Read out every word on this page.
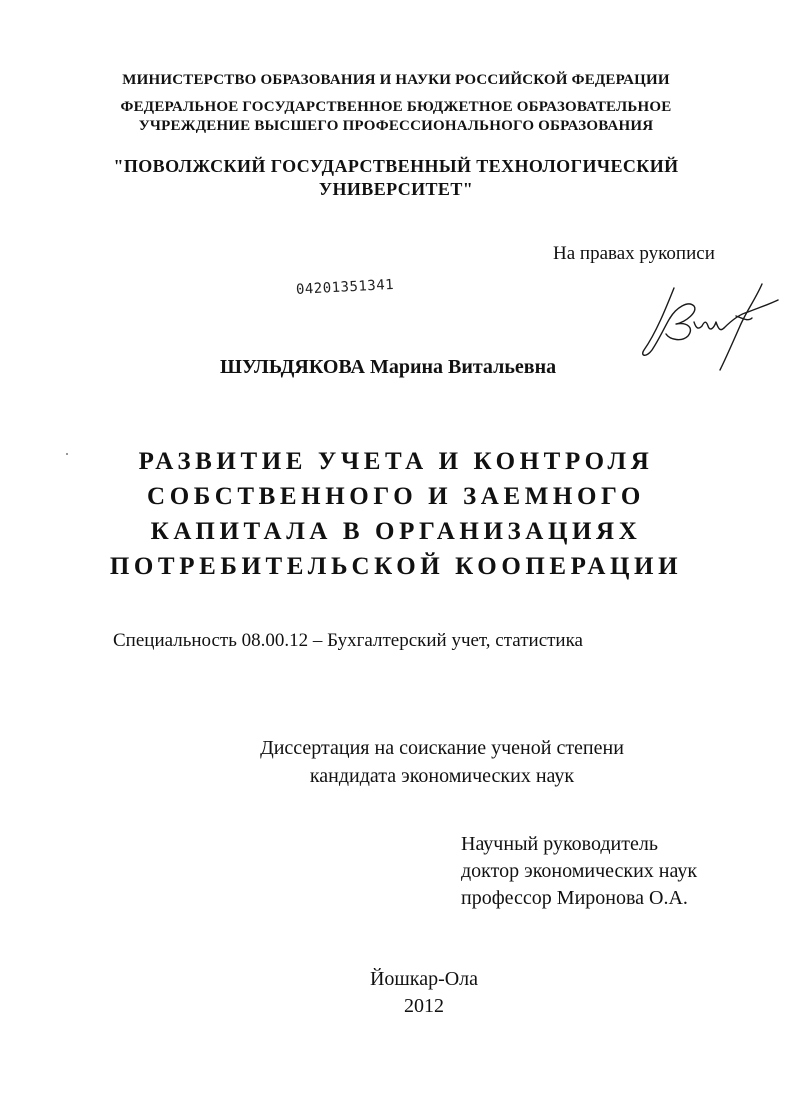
МИНИСТЕРСТВО ОБРАЗОВАНИЯ И НАУКИ РОССИЙСКОЙ ФЕДЕРАЦИИ
ФЕДЕРАЛЬНОЕ ГОСУДАРСТВЕННОЕ БЮДЖЕТНОЕ ОБРАЗОВАТЕЛЬНОЕ
УЧРЕЖДЕНИЕ ВЫСШЕГО ПРОФЕССИОНАЛЬНОГО ОБРАЗОВАНИЯ
"ПОВОЛЖСКИЙ ГОСУДАРСТВЕННЫЙ ТЕХНОЛОГИЧЕСКИЙ
УНИВЕРСИТЕТ"
На правах рукописи
04201351341
ШУЛЬДЯКОВА Марина Витальевна
РАЗВИТИЕ УЧЕТА И КОНТРОЛЯ
СОБСТВЕННОГО И ЗАЕМНОГО
КАПИТАЛА В ОРГАНИЗАЦИЯХ
ПОТРЕБИТЕЛЬСКОЙ КООПЕРАЦИИ
Специальность 08.00.12 – Бухгалтерский учет, статистика
Диссертация на соискание ученой степени
кандидата экономических наук
Научный руководитель
доктор экономических наук
профессор Миронова О.А.
Йошкар-Ола
2012
